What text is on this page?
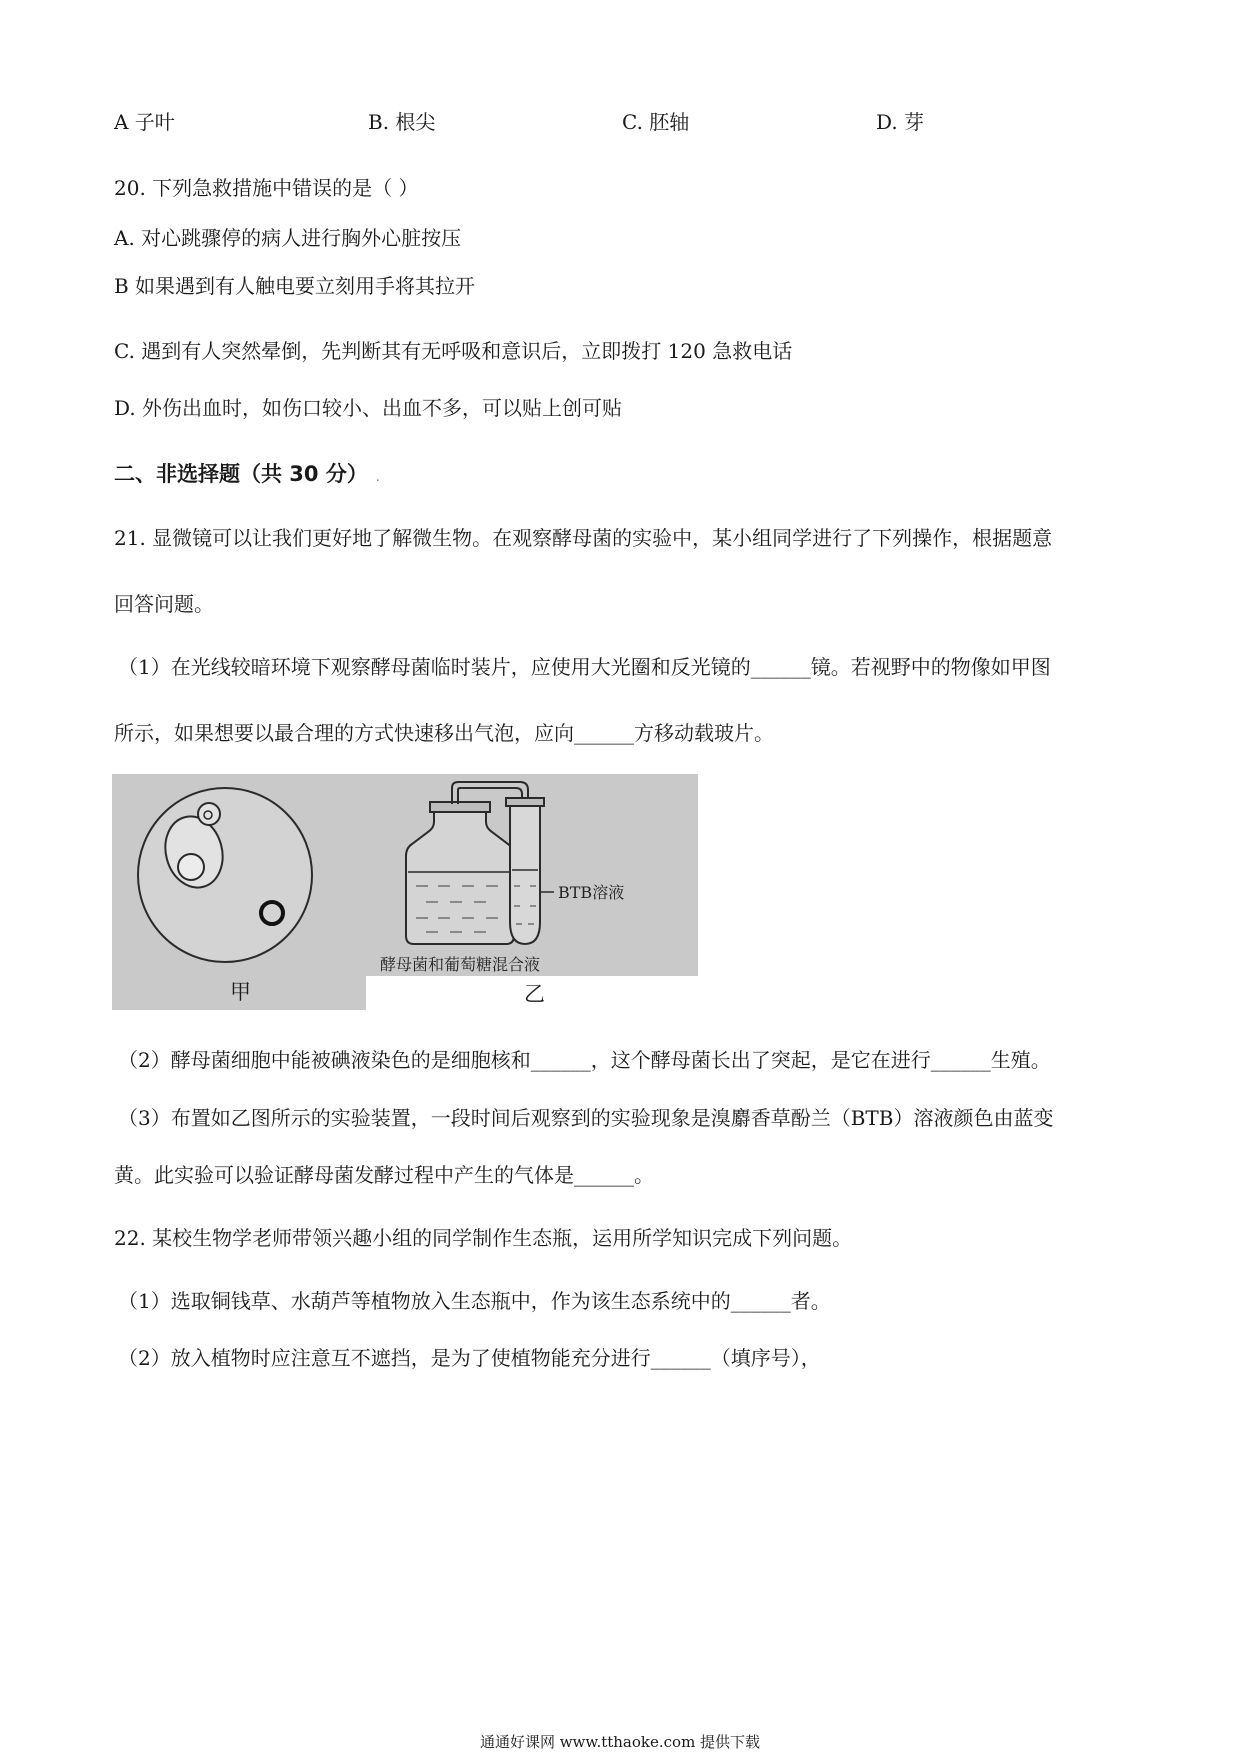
A 子叶	B. 根尖	C. 胚轴	D. 芽
20. 下列急救措施中错误的是（ ）
A. 对心跳骤停的病人进行胸外心脏按压
B 如果遇到有人触电要立刻用手将其拉开
C. 遇到有人突然晕倒，先判断其有无呼吸和意识后，立即拨打 120 急救电话
D. 外伤出血时，如伤口较小、出血不多，可以贴上创可贴
二、非选择题（共 30 分） .
21. 显微镜可以让我们更好地了解微生物。在观察酵母菌的实验中，某小组同学进行了下列操作，根据题意
回答问题。
（1）在光线较暗环境下观察酵母菌临时装片，应使用大光圈和反光镜的______镜。若视野中的物像如甲图
所示，如果想要以最合理的方式快速移出气泡，应向______方移动载玻片。
BTB溶液
酵母菌和葡萄糖混合液
甲	乙
（2）酵母菌细胞中能被碘液染色的是细胞核和______，这个酵母菌长出了突起，是它在进行______生殖。
（3）布置如乙图所示的实验装置，一段时间后观察到的实验现象是溴麝香草酚兰（BTB）溶液颜色由蓝变
黄。此实验可以验证酵母菌发酵过程中产生的气体是______。
22. 某校生物学老师带领兴趣小组的同学制作生态瓶，运用所学知识完成下列问题。
（1）选取铜钱草、水葫芦等植物放入生态瓶中，作为该生态系统中的______者。
（2）放入植物时应注意互不遮挡，是为了使植物能充分进行______（填序号），
通通好课网 www.tthaoke.com 提供下载
